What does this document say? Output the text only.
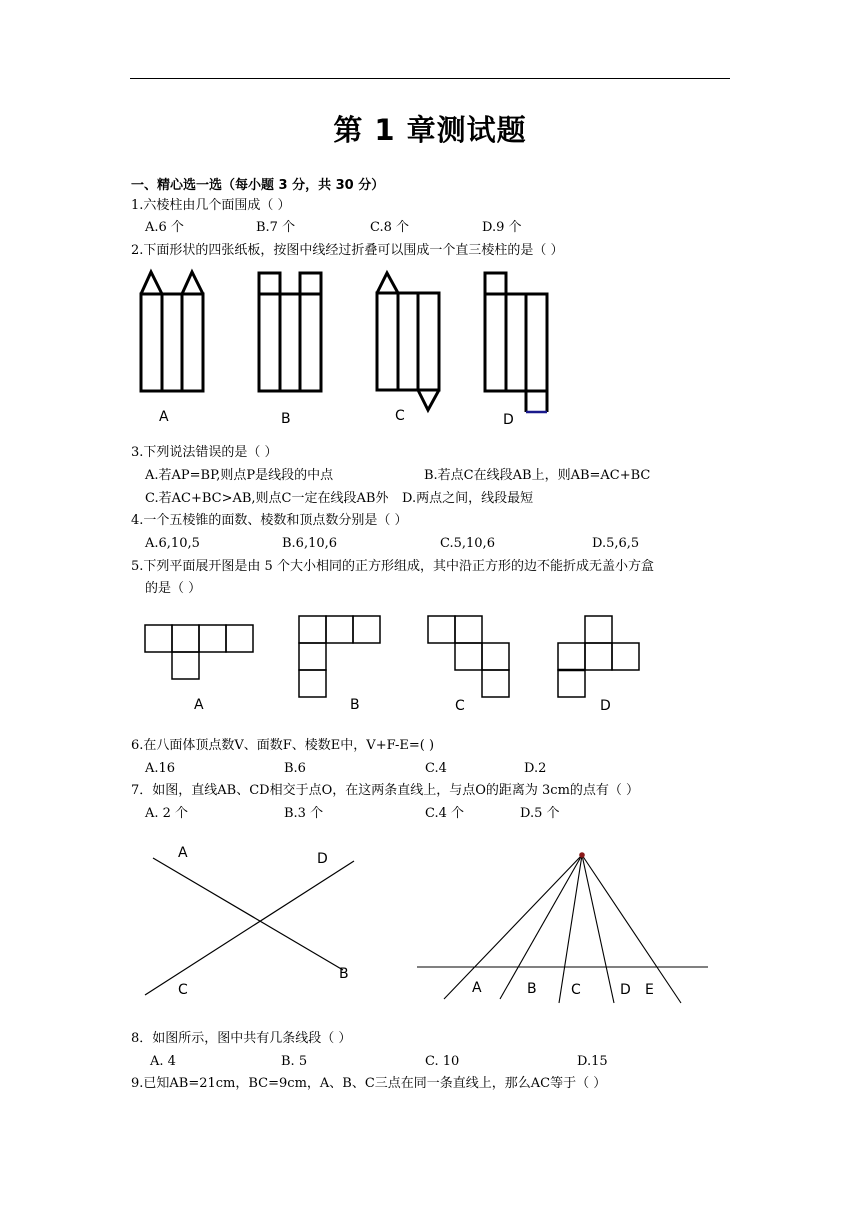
第 1 章测试题
一、精心选一选（每小题 3 分，共 30 分）
1.六棱柱由几个面围成（ ）
A.6 个	B.7 个	C.8 个	D.9 个
2.下面形状的四张纸板，按图中线经过折叠可以围成一个直三棱柱的是（ ）
A	B	C	D
3.下列说法错误的是（ ）
A.若AP=BP,则点P是线段的中点	B.若点C在线段AB上，则AB=AC+BC
C.若AC+BC>AB,则点C一定在线段AB外 D.两点之间，线段最短
4.一个五棱锥的面数、棱数和顶点数分别是（ ）
A.6,10,5	B.6,10,6	C.5,10,6	D.5,6,5
5.下列平面展开图是由 5 个大小相同的正方形组成，其中沿正方形的边不能折成无盖小方盒
的是（ ）
A	B	C	D
6.在八面体顶点数V、面数F、棱数E中，V+F-E=( )
A.16	B.6	C.4	D.2
7．如图，直线AB、CD相交于点O，在这两条直线上，与点O的距离为 3cm的点有（ ）
A. 2 个	B.3 个	C.4 个	D.5 个
A	D
C
B
A	B C	D E
8．如图所示，图中共有几条线段（ ）
A. 4	B. 5	C. 10	D.15
9.已知AB=21cm，BC=9cm，A、B、C三点在同一条直线上，那么AC等于（ ）
